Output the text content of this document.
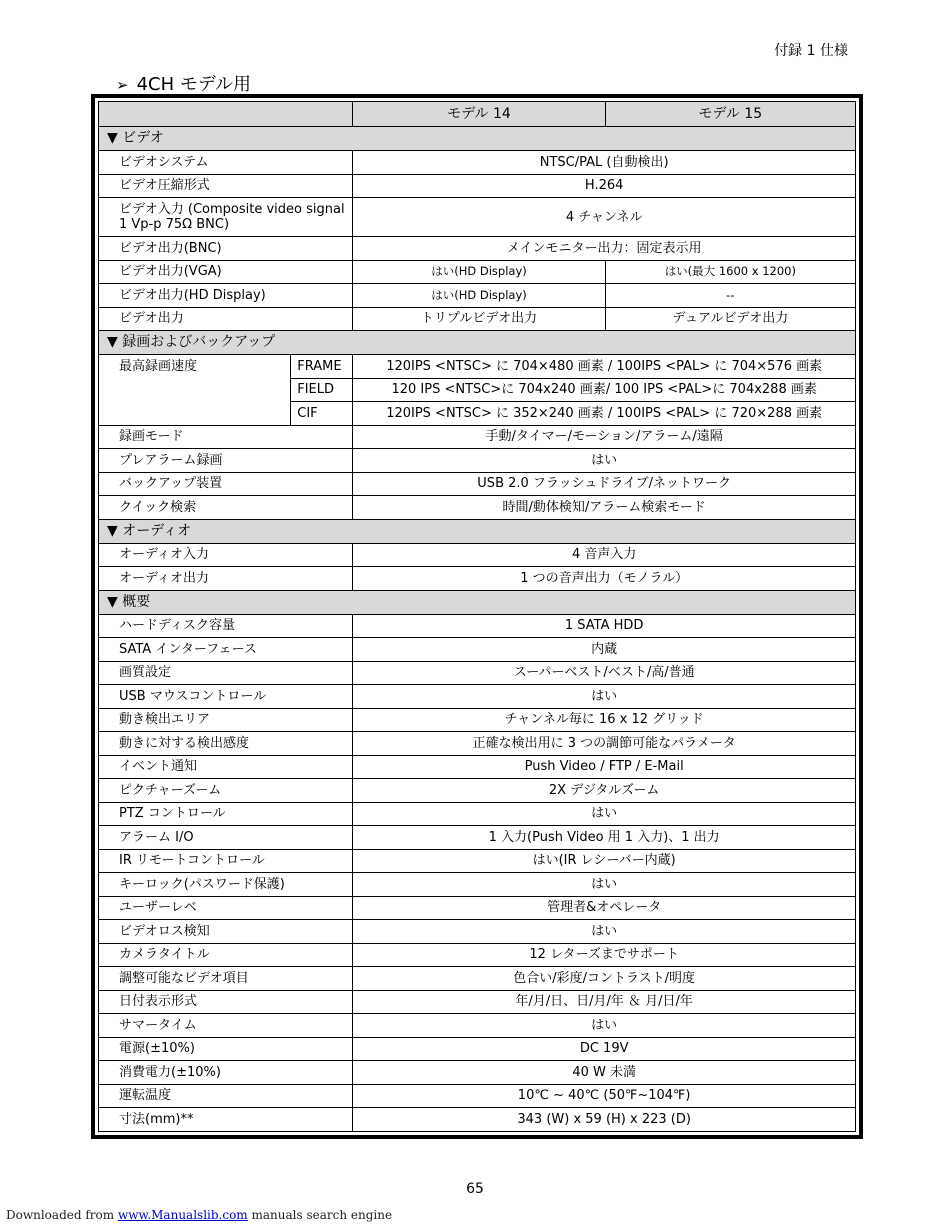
付録 1 仕様
➢ 4CH モデル用
		モデル 14	モデル 15
▼ ビデオ			
ビデオシステム		NTSC/PAL (自動検出)	
ビデオ圧縮形式		H.264	
ビデオ入力 (Composite video signal 1 Vp-p 75Ω BNC)		4 チャンネル	
ビデオ出力(BNC)		メインモニター出力：固定表示用	
ビデオ出力(VGA)		はい(HD Display)	はい(最大 1600 x 1200)
ビデオ出力(HD Display)		はい(HD Display)	--
ビデオ出力		トリプルビデオ出力	デュアルビデオ出力
▼ 録画およびバックアップ			
最高録画速度	FRAME	120IPS <NTSC> に 704×480 画素 / 100IPS <PAL> に 704×576 画素	
	FIELD	120 IPS <NTSC>に 704x240 画素/ 100 IPS <PAL>に 704x288 画素	
	CIF	120IPS <NTSC> に 352×240 画素 / 100IPS <PAL> に 720×288 画素	
録画モード		手動/タイマー/モーション/アラーム/遠隔	
プレアラーム録画		はい	
バックアップ装置		USB 2.0 フラッシュドライブ/ネットワーク	
クイック検索		時間/動体検知/アラーム検索モード	
▼ オーディオ			
オーディオ入力		4 音声入力	
オーディオ出力		1 つの音声出力（モノラル）	
▼ 概要			
ハードディスク容量		1 SATA HDD	
SATA インターフェース		内蔵	
画質設定		スーパーベスト/ベスト/高/普通	
USB マウスコントロール		はい	
動き検出エリア		チャンネル毎に 16 x 12 グリッド	
動きに対する検出感度		正確な検出用に 3 つの調節可能なパラメータ	
イベント通知		Push Video / FTP / E-Mail	
ピクチャーズーム		2X デジタルズーム	
PTZ コントロール		はい	
アラーム I/O		1 入力(Push Video 用 1 入力)、1 出力	
IR リモートコントロール		はい(IR レシーバー内蔵)	
キーロック(パスワード保護)		はい	
ユーザーレベ		管理者&オペレータ	
ビデオロス検知		はい	
カメラタイトル		12 レターズまでサポート	
調整可能なビデオ項目		色合い/彩度/コントラスト/明度	
日付表示形式		年/月/日、日/月/年 ＆ 月/日/年	
サマータイム		はい	
電源(±10%)		DC 19V	
消費電力(±10%)		40 W 未満	
運転温度		10℃ ~ 40℃ (50℉~104℉)	
寸法(mm)**		343 (W) x 59 (H) x 223 (D)	
65
Downloaded from www.Manualslib.com manuals search engine
